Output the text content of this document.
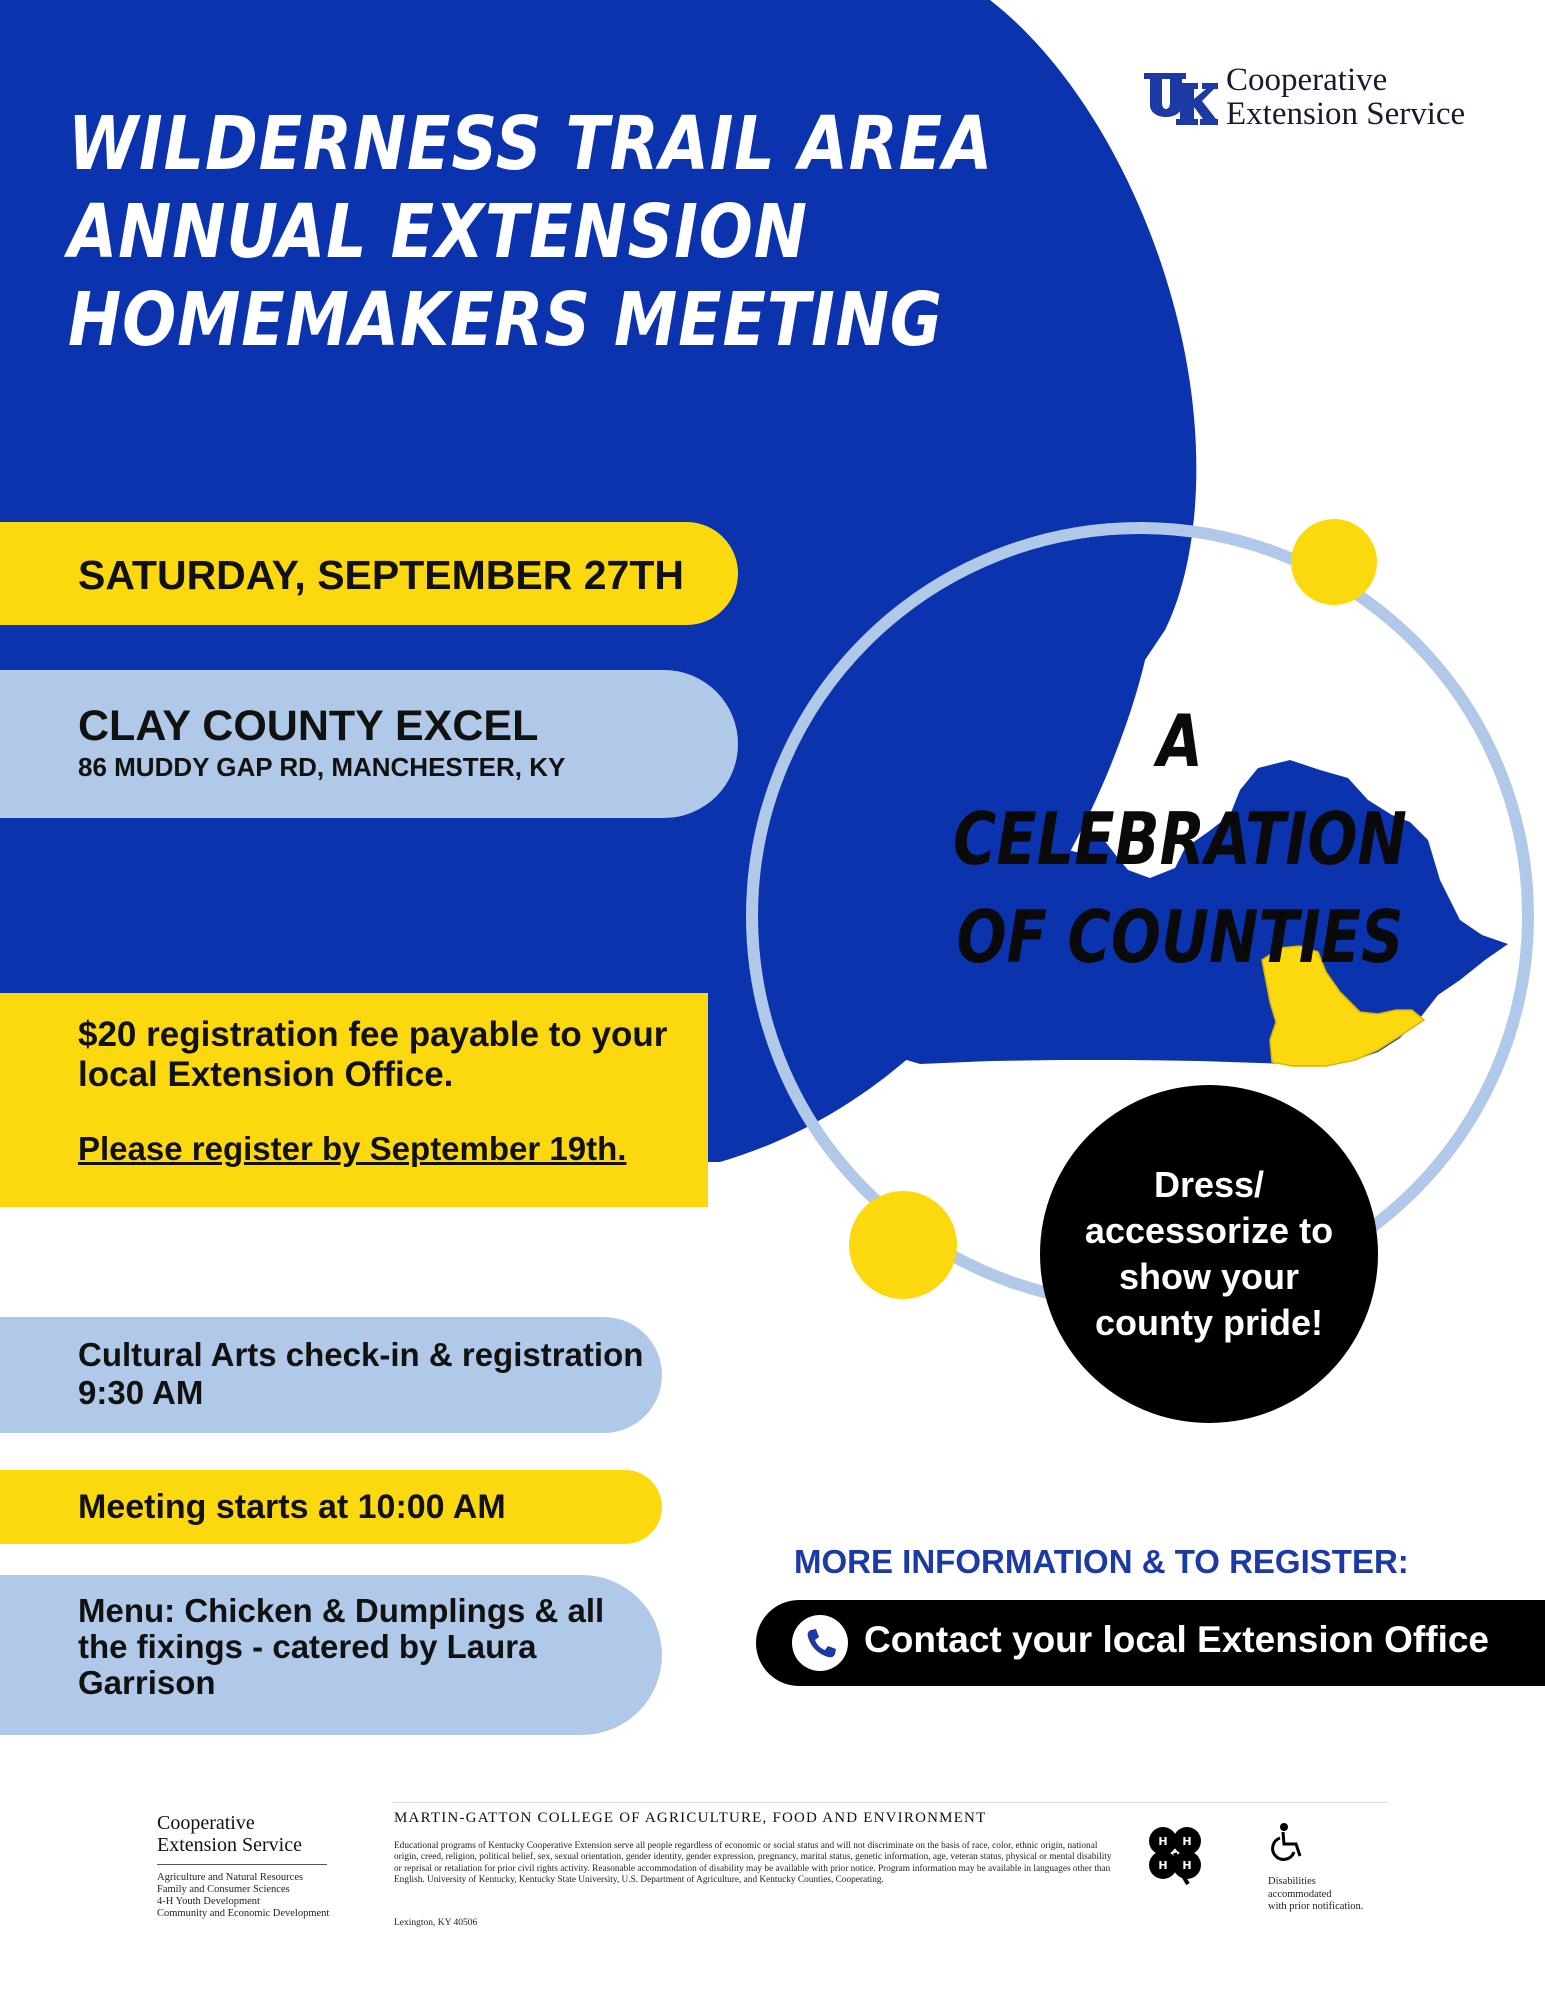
Cooperative
Extension Service
WILDERNESS TRAIL AREA
ANNUAL EXTENSION
HOMEMAKERS MEETING
SATURDAY, SEPTEMBER 27TH
CLAY COUNTY EXCEL
86 MUDDY GAP RD, MANCHESTER, KY
$20 registration fee payable to your local Extension Office.
Please register by September 19th.
Cultural Arts check-in & registration 9:30 AM
Meeting starts at 10:00 AM
Menu: Chicken & Dumplings & all the fixings - catered by Laura Garrison
A CELEBRATION
OF COUNTIES
Dress/ accessorize to show your county pride!
MORE INFORMATION & TO REGISTER:
Contact your local Extension Office
Cooperative
Extension Service
Agriculture and Natural Resources
Family and Consumer Sciences
4-H Youth Development
Community and Economic Development
MARTIN-GATTON COLLEGE OF AGRICULTURE, FOOD AND ENVIRONMENT
Educational programs of Kentucky Cooperative Extension serve all people regardless of economic or social status and will not discriminate on the basis of race, color, ethnic origin, national origin, creed, religion, political belief, sex, sexual orientation, gender identity, gender expression, pregnancy, marital status, genetic information, age, veteran status, physical or mental disability or reprisal or retaliation for prior civil rights activity. Reasonable accommodation of disability may be available with prior notice. Program information may be available in languages other than English. University of Kentucky, Kentucky State University, U.S. Department of Agriculture, and Kentucky Counties, Cooperating.
Lexington, KY 40506
H H
H H
Disabilities
accommodated
with prior notification.
